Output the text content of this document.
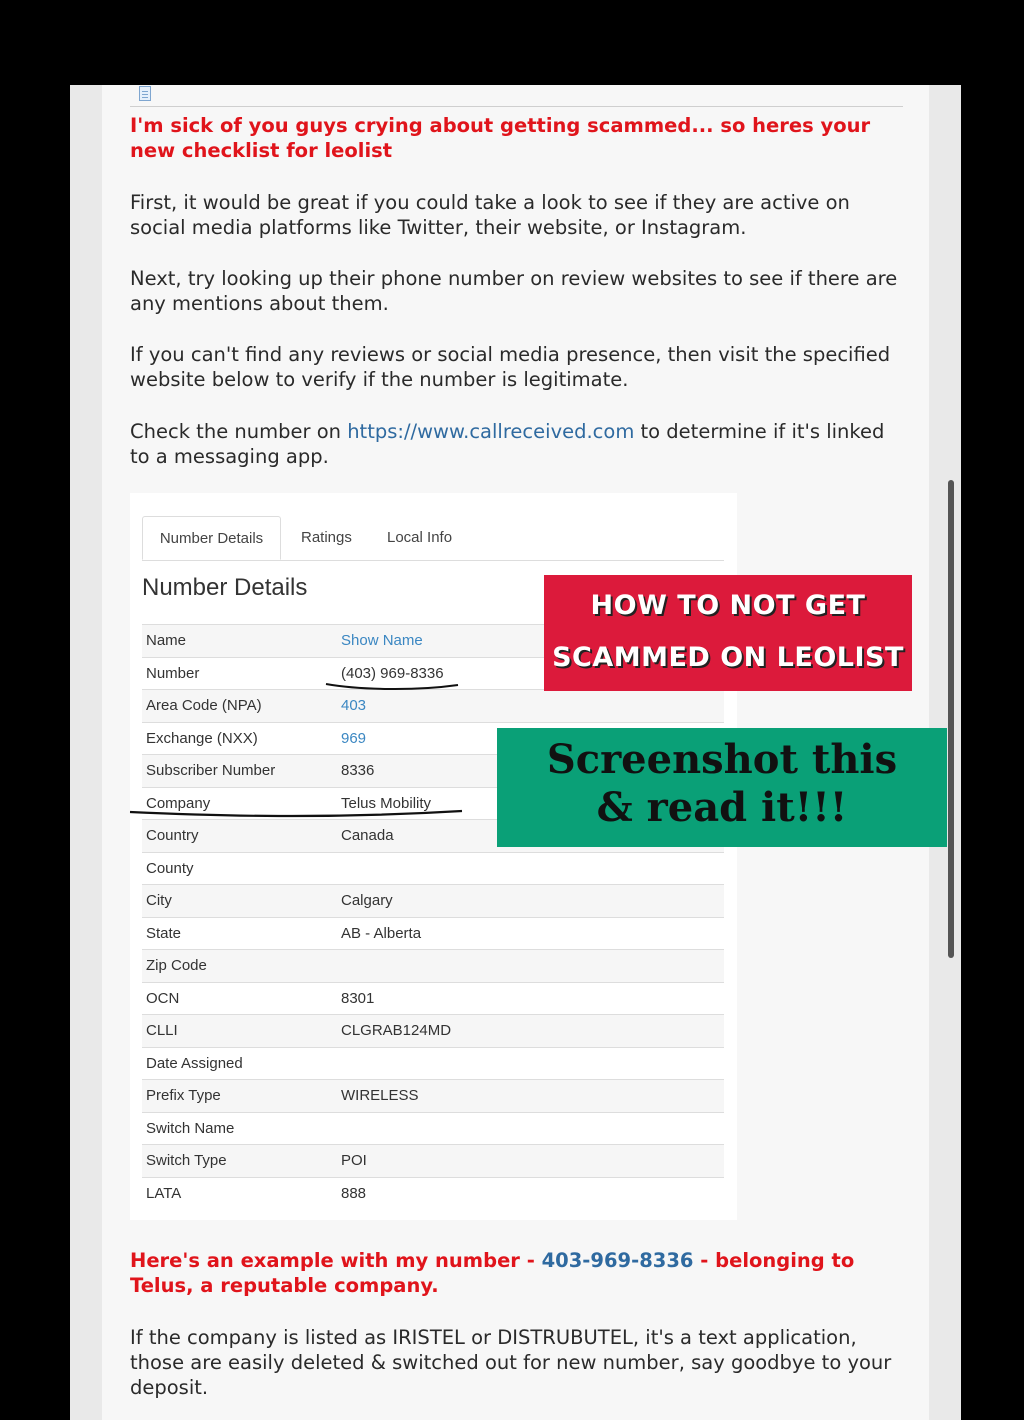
I'm sick of you guys crying about getting scammed... so heres your new checklist for leolist
First, it would be great if you could take a look to see if they are active on social media platforms like Twitter, their website, or Instagram.
Next, try looking up their phone number on review websites to see if there are any mentions about them.
If you can't find any reviews or social media presence, then visit the specified website below to verify if the number is legitimate.
Check the number on https://www.callreceived.com to determine if it's linked to a messaging app.
Number Details	Ratings Local Info
Number Details
Name	Show Name
Number	(403) 969-8336
Area Code (NPA)	403
Exchange (NXX)	969
Subscriber Number	8336
Company	Telus Mobility
Country	Canada
County	
City	Calgary
State	AB - Alberta
Zip Code	
OCN	8301
CLLI	CLGRAB124MD
Date Assigned	
Prefix Type	WIRELESS
Switch Name	
Switch Type	POI
LATA	888
HOW TO NOT GET
SCAMMED ON LEOLIST
Screenshot this
& read it!!!
Here's an example with my number - 403-969-8336 - belonging to Telus, a reputable company.
If the company is listed as IRISTEL or DISTRUBUTEL, it's a text application, those are easily deleted & switched out for new number, say goodbye to your deposit.
